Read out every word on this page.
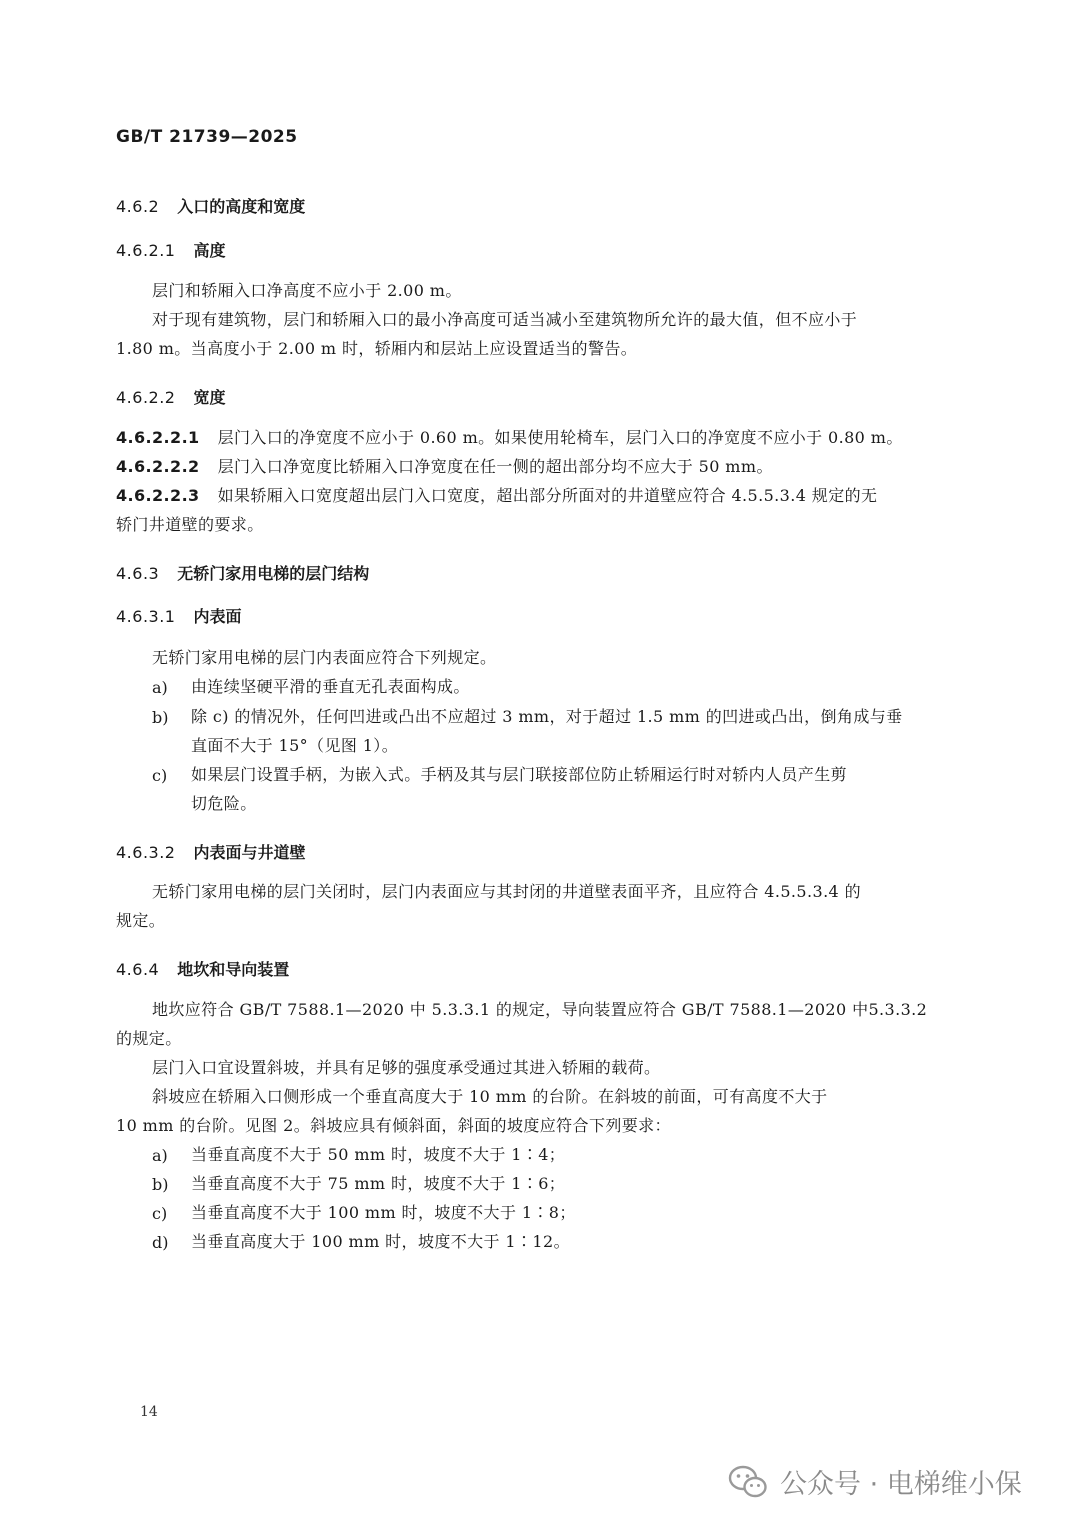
GB/T 21739—2025
4.6.2 入口的高度和宽度
4.6.2.1 高度
层门和轿厢入口净高度不应小于 2.00 m。
对于现有建筑物，层门和轿厢入口的最小净高度可适当减小至建筑物所允许的最大值，但不应小于
1.80 m。当高度小于 2.00 m 时，轿厢内和层站上应设置适当的警告。
4.6.2.2 宽度
4.6.2.2.1 层门入口的净宽度不应小于 0.60 m。如果使用轮椅车，层门入口的净宽度不应小于 0.80 m。
4.6.2.2.2 层门入口净宽度比轿厢入口净宽度在任一侧的超出部分均不应大于 50 mm。
4.6.2.2.3 如果轿厢入口宽度超出层门入口宽度，超出部分所面对的井道壁应符合 4.5.5.3.4 规定的无
轿门井道壁的要求。
4.6.3 无轿门家用电梯的层门结构
4.6.3.1 内表面
无轿门家用电梯的层门内表面应符合下列规定。
a) 由连续坚硬平滑的垂直无孔表面构成。
b) 除 c) 的情况外，任何凹进或凸出不应超过 3 mm，对于超过 1.5 mm 的凹进或凸出，倒角成与垂
直面不大于 15°（见图 1）。
c) 如果层门设置手柄，为嵌入式。手柄及其与层门联接部位防止轿厢运行时对轿内人员产生剪
切危险。
4.6.3.2 内表面与井道壁
无轿门家用电梯的层门关闭时，层门内表面应与其封闭的井道壁表面平齐，且应符合 4.5.5.3.4 的
规定。
4.6.4 地坎和导向装置
地坎应符合 GB/T 7588.1—2020 中 5.3.3.1 的规定，导向装置应符合 GB/T 7588.1—2020 中5.3.3.2
的规定。
层门入口宜设置斜坡，并具有足够的强度承受通过其进入轿厢的载荷。
斜坡应在轿厢入口侧形成一个垂直高度大于 10 mm 的台阶。在斜坡的前面，可有高度不大于
10 mm 的台阶。见图 2。斜坡应具有倾斜面，斜面的坡度应符合下列要求：
a) 当垂直高度不大于 50 mm 时，坡度不大于 1∶4；
b) 当垂直高度不大于 75 mm 时，坡度不大于 1∶6；
c) 当垂直高度不大于 100 mm 时，坡度不大于 1∶8；
d) 当垂直高度大于 100 mm 时，坡度不大于 1∶12。
14
公众号 · 电梯维小保
